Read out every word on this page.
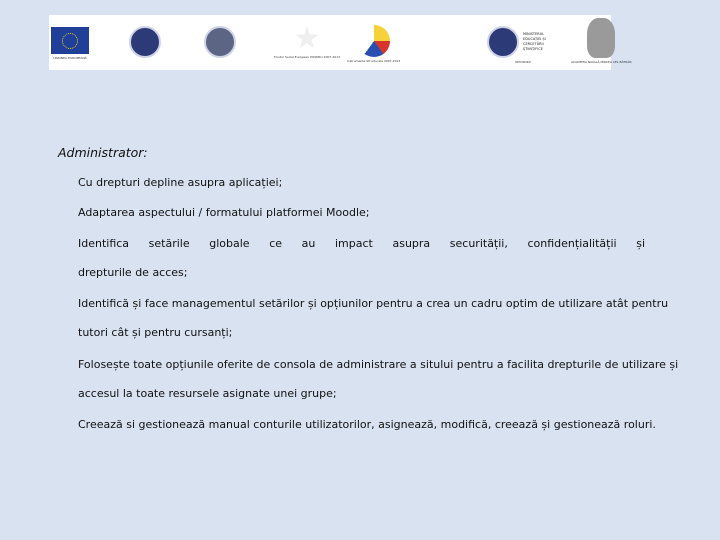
UNIUNEA EUROPEANĂ
★
Fondul Social European POSDRU 2007-2013
Instrumente Structurale 2007-2013
MINISTERUL EDUCAȚIEI ȘI CERCETĂRII ȘTIINȚIFICE
OIPOSDRU	ACADEMIA NAVALĂ MIRCEA CEL BĂTRÂN
Administrator:
Cu drepturi depline asupra aplicației;
Adaptarea aspectului / formatului platformei Moodle;
Identifica setările globale ce au impact asupra securității, confidențialității și
drepturile de acces;
Identifică și face managementul setărilor și opțiunilor pentru a crea un cadru optim de utilizare atât pentru
tutori cât și pentru cursanți;
Folosește toate opțiunile oferite de consola de administrare a sitului pentru a facilita drepturile de utilizare și
accesul la toate resursele asignate unei grupe;
Creează si gestionează manual conturile utilizatorilor, asignează, modifică, creează și gestionează roluri.
